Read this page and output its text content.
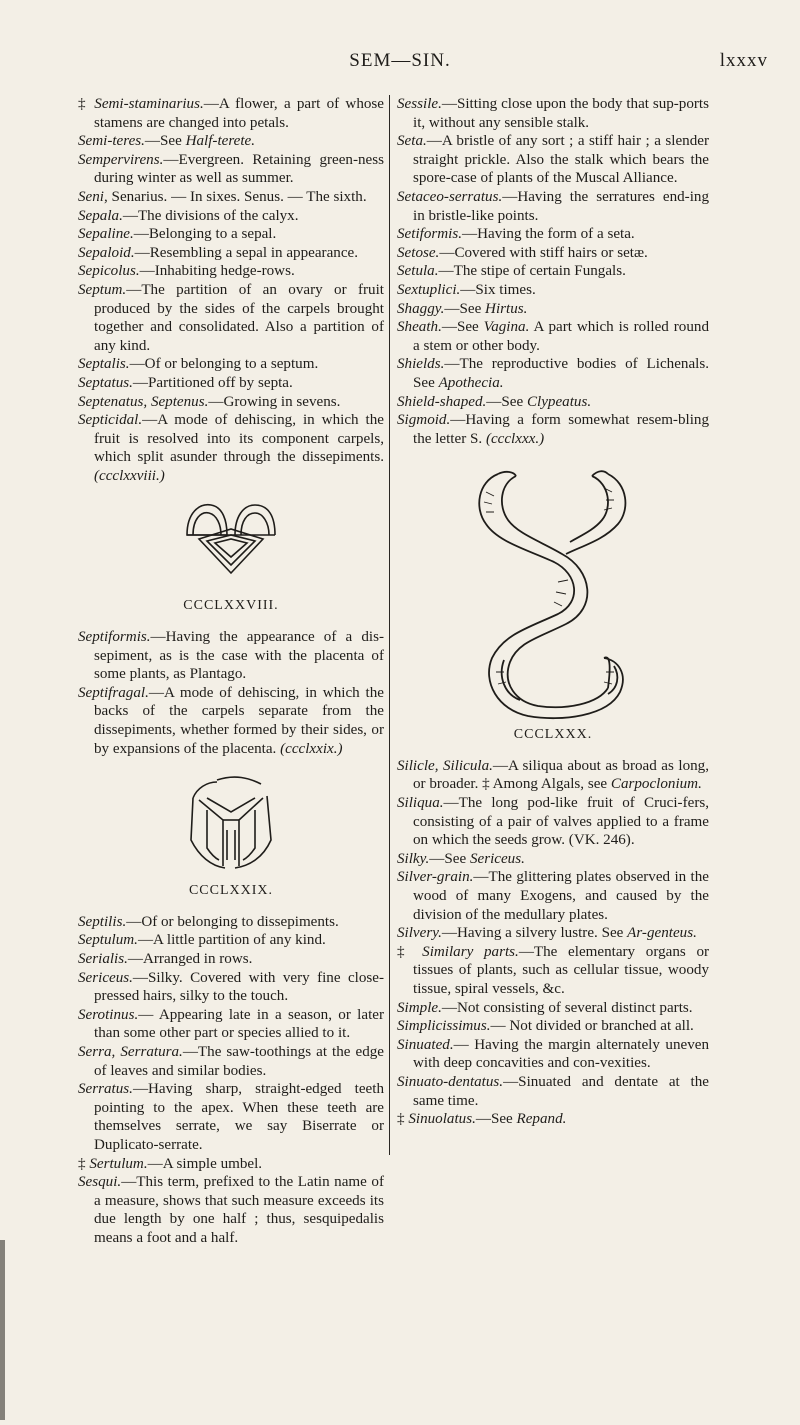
SEM—SIN.	lxxxv

‡ Semi-staminarius.—A flower, a part of whose stamens are changed into petals.

Semi-teres.—See Half-terete.

Sempervirens.—Evergreen. Retaining green-ness during winter as well as summer.

Seni, Senarius. — In sixes. Senus. — The sixth.

Sepala.—The divisions of the calyx.

Sepaline.—Belonging to a sepal.

Sepaloid.—Resembling a sepal in appearance.

Sepicolus.—Inhabiting hedge-rows.

Septum.—The partition of an ovary or fruit produced by the sides of the carpels brought together and consolidated. Also a partition of any kind.

Septalis.—Of or belonging to a septum.

Septatus.—Partitioned off by septa.

Septenatus, Septenus.—Growing in sevens.

Septicidal.—A mode of dehiscing, in which the fruit is resolved into its component carpels, which split asunder through the dissepiments. (ccclxxviii.)

CCCLXXVIII.

Septiformis.—Having the appearance of a dis-sepiment, as is the case with the placenta of some plants, as Plantago.

Septifragal.—A mode of dehiscing, in which the backs of the carpels separate from the dissepiments, whether formed by their sides, or by expansions of the placenta. (ccclxxix.)

CCCLXXIX.

Septilis.—Of or belonging to dissepiments.

Septulum.—A little partition of any kind.

Serialis.—Arranged in rows.

Sericeus.—Silky. Covered with very fine close-pressed hairs, silky to the touch.

Serotinus.— Appearing late in a season, or later than some other part or species allied to it.

Serra, Serratura.—The saw-toothings at the edge of leaves and similar bodies.

Serratus.—Having sharp, straight-edged teeth pointing to the apex. When these teeth are themselves serrate, we say Biserrate or Duplicato-serrate.

‡ Sertulum.—A simple umbel.

Sesqui.—This term, prefixed to the Latin name of a measure, shows that such measure exceeds its due length by one half ; thus, sesquipedalis means a foot and a half.

Sessile.—Sitting close upon the body that sup-ports it, without any sensible stalk.

Seta.—A bristle of any sort ; a stiff hair ; a slender straight prickle. Also the stalk which bears the spore-case of plants of the Muscal Alliance.

Setaceo-serratus.—Having the serratures end-ing in bristle-like points.

Setiformis.—Having the form of a seta.

Setose.—Covered with stiff hairs or setæ.

Setula.—The stipe of certain Fungals.

Sextuplici.—Six times.

Shaggy.—See Hirtus.

Sheath.—See Vagina. A part which is rolled round a stem or other body.

Shields.—The reproductive bodies of Lichenals. See Apothecia.

Shield-shaped.—See Clypeatus.

Sigmoid.—Having a form somewhat resem-bling the letter S. (ccclxxx.)

CCCLXXX.

Silicle, Silicula.—A siliqua about as broad as long, or broader. ‡ Among Algals, see Carpoclonium.

Siliqua.—The long pod-like fruit of Cruci-fers, consisting of a pair of valves applied to a frame on which the seeds grow. (VK. 246).

Silky.—See Sericeus.

Silver-grain.—The glittering plates observed in the wood of many Exogens, and caused by the division of the medullary plates.

Silvery.—Having a silvery lustre. See Ar-genteus.

‡ Similary parts.—The elementary organs or tissues of plants, such as cellular tissue, woody tissue, spiral vessels, &c.

Simple.—Not consisting of several distinct parts.

Simplicissimus.— Not divided or branched at all.

Sinuated.— Having the margin alternately uneven with deep concavities and con-vexities.

Sinuato-dentatus.—Sinuated and dentate at the same time.

‡ Sinuolatus.—See Repand.
